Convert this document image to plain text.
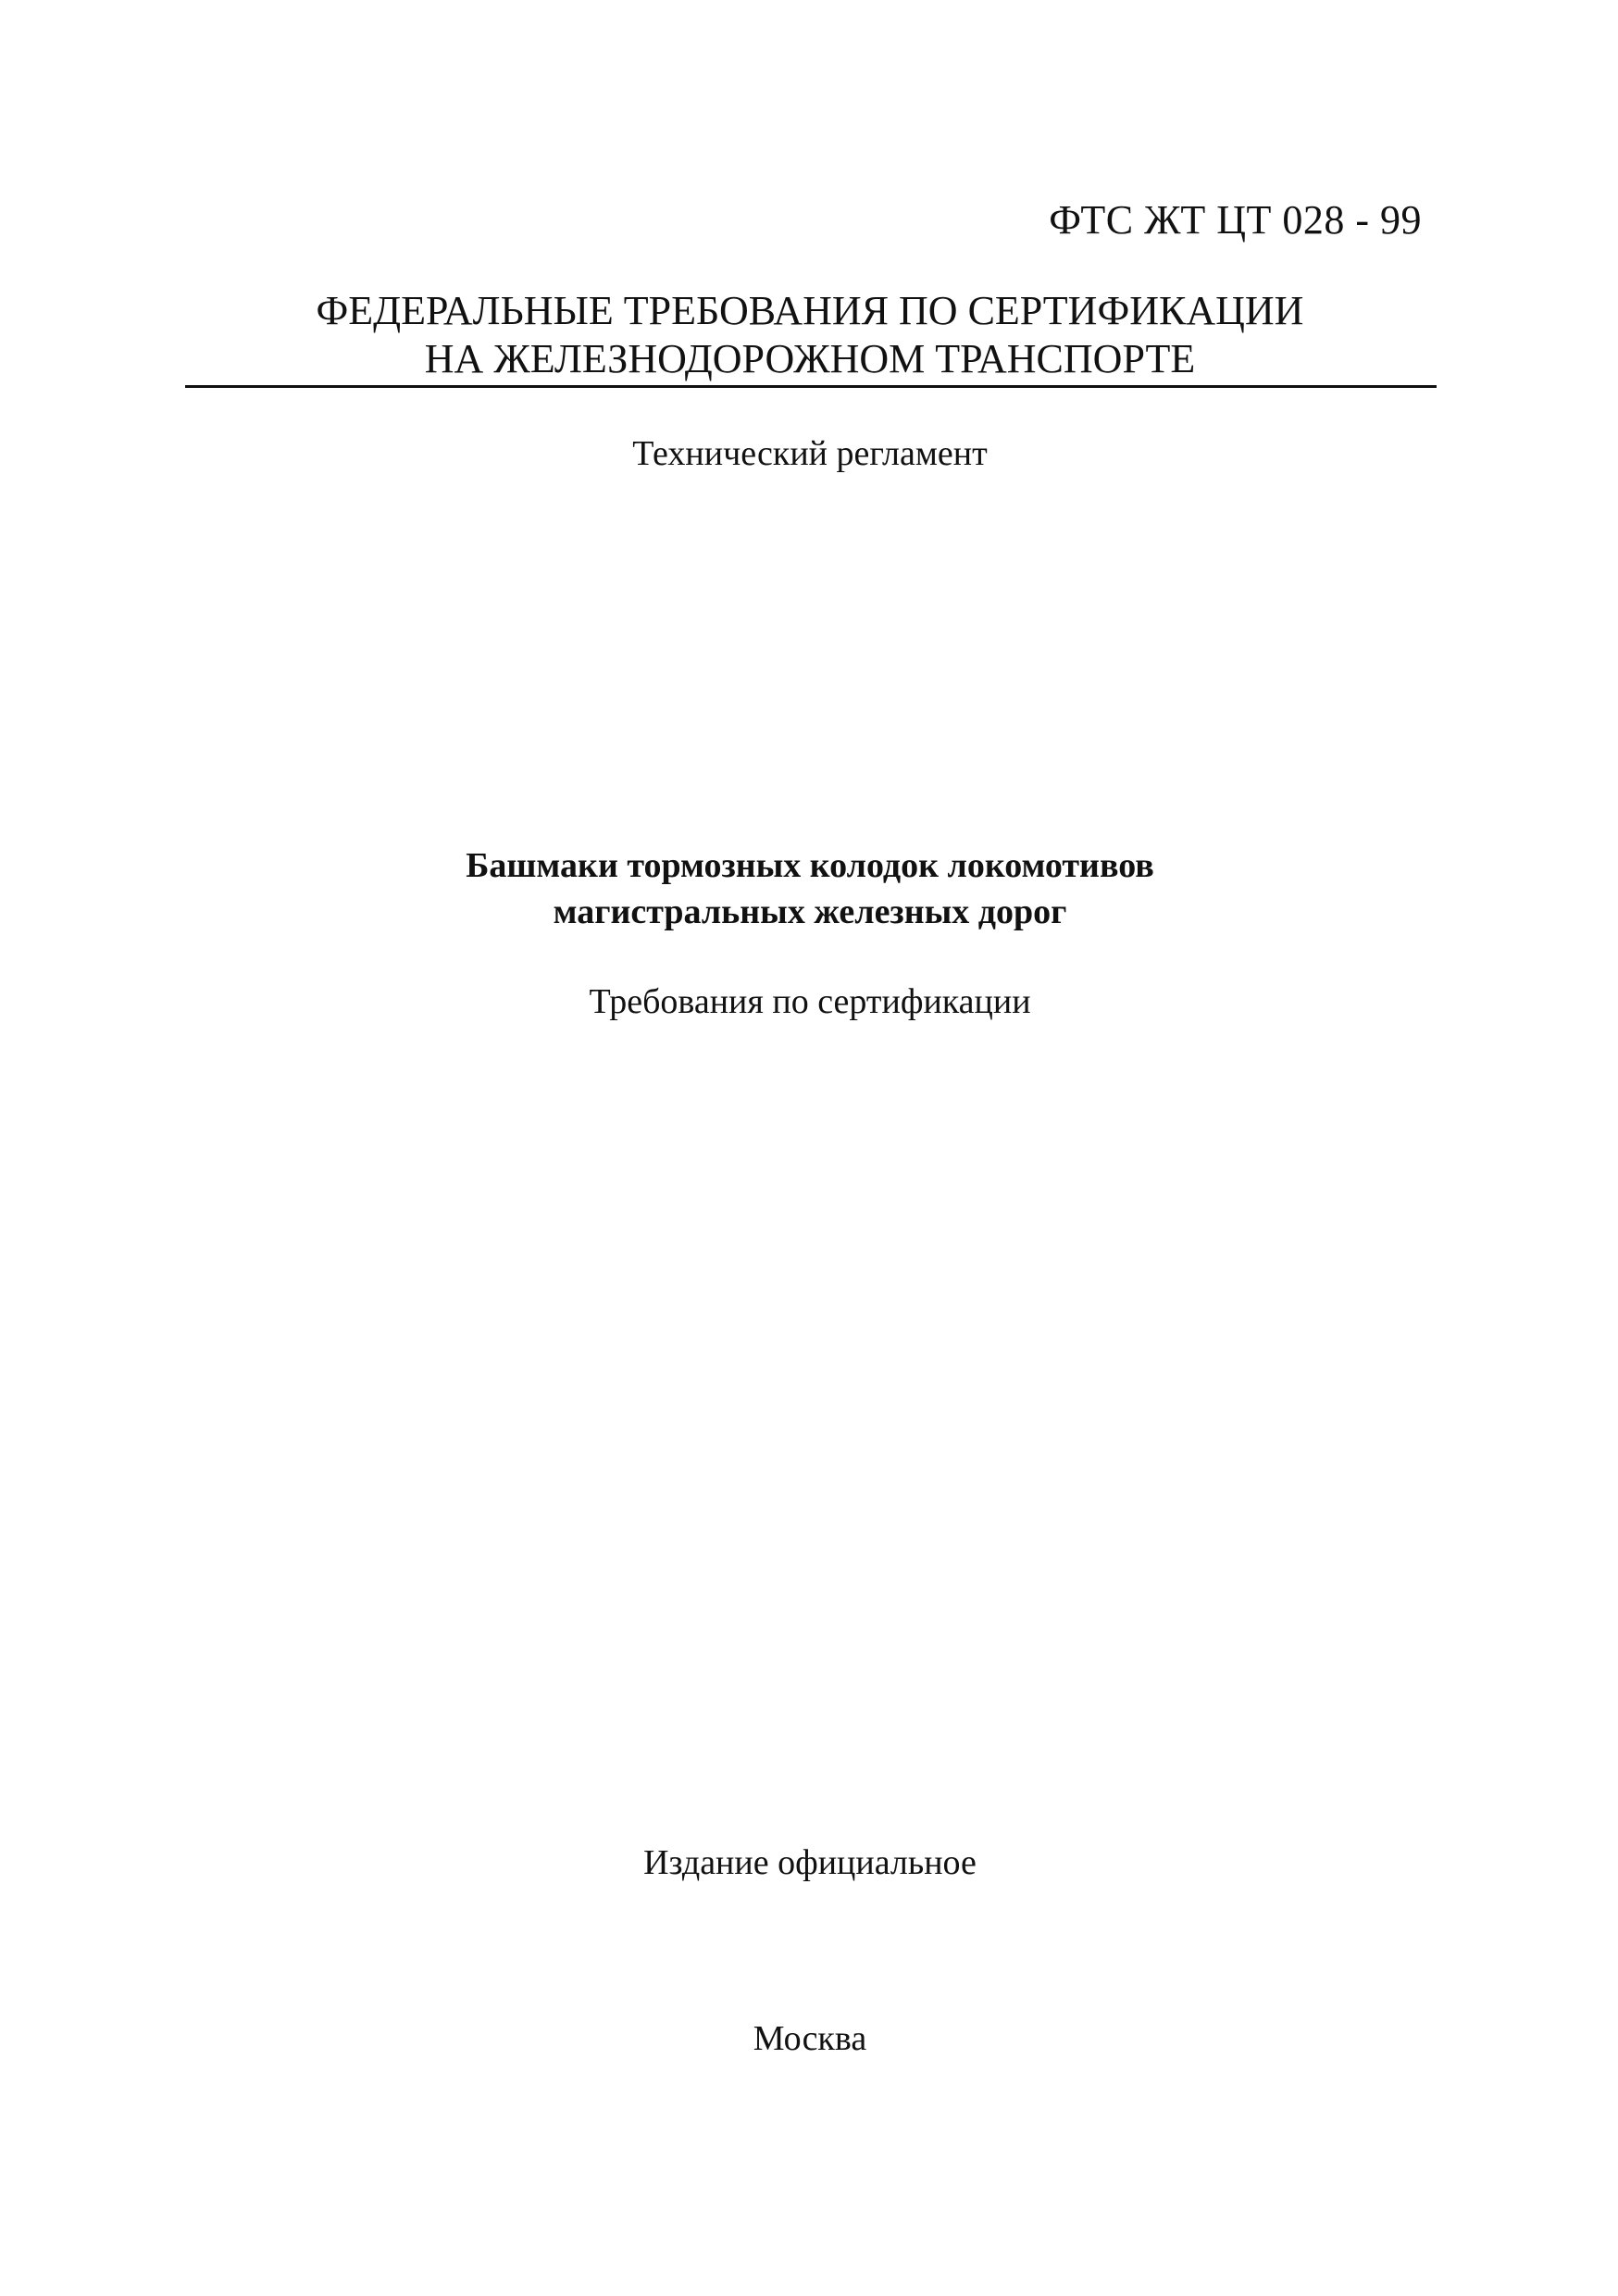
ФТС ЖТ ЦТ 028 - 99
ФЕДЕРАЛЬНЫЕ ТРЕБОВАНИЯ ПО СЕРТИФИКАЦИИ
НА ЖЕЛЕЗНОДОРОЖНОМ ТРАНСПОРТЕ
Технический регламент
Башмаки тормозных колодок локомотивов
магистральных железных дорог
Требования по сертификации
Издание официальное
Москва
